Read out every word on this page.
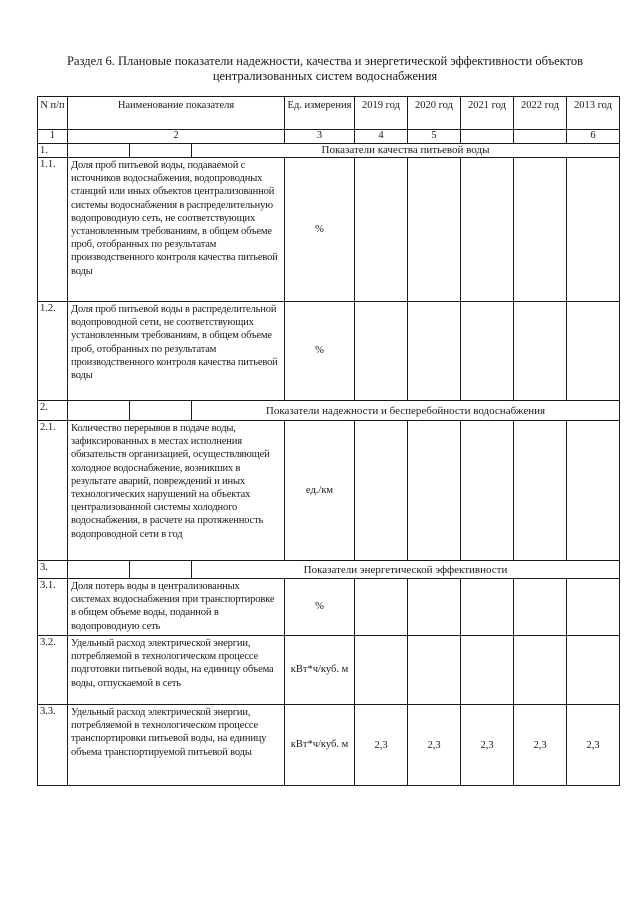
Раздел 6. Плановые показатели надежности, качества и энергетической эффективности объектов
централизованных систем водоснабжения
N п/п	Наименование показателя			Ед. измерения	2019 год	2020 год	2021 год	2022 год	2013 год
1	2			3	4	5			6
1.			Показатели качества питьевой воды						
1.1.	Доля проб питьевой воды, подаваемой с источников водоснабжения, водопроводных станций или иных объектов централизованной системы водоснабжения в распределительную водопроводную сеть, не соответствующих установленным требованиям, в общем объеме проб, отобранных по результатам производственного контроля качества питьевой воды			%					
1.2.	Доля проб питьевой воды в распределительной водопроводной сети, не соответствующих установленным требованиям, в общем объеме проб, отобранных по результатам производственного контроля качества питьевой воды			%					
2.			Показатели надежности и бесперебойности водоснабжения						
2.1.	Количество перерывов в подаче воды, зафиксированных в местах исполнения обязательств организацией, осуществляющей холодное водоснабжение, возникших в результате аварий, повреждений и иных технологических нарушений на объектах централизованной системы холодного водоснабжения, в расчете на протяженность водопроводной сети в год			ед./км					
3.			Показатели энергетической эффективности						
3.1.	Доля потерь воды в централизованных системах водоснабжения при транспортировке в общем объеме воды, поданной в водопроводную сеть			%					
3.2.	Удельный расход электрической энергии, потребляемой в технологическом процессе подготовки питьевой воды, на единицу объема воды, отпускаемой в сеть			кВт*ч/куб. м					
3.3.	Удельный расход электрической энергии, потребляемой в технологическом процессе транспортировки питьевой воды, на единицу объема транспортируемой питьевой воды			кВт*ч/куб. м	2,3	2,3	2,3	2,3	2,3
